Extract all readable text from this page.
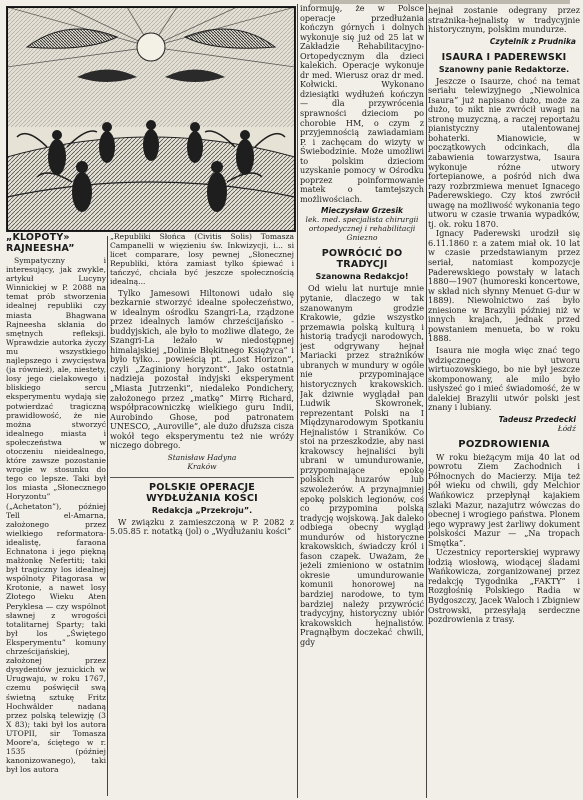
„KLOPOTY» RAJNEESHA”

Sympatyczny i interesujący, jak zwykle, artykuł Lucyny Winnickiej w P. 2088 na temat prób stworzenia idealnej republiki czy miasta Bhagwana Rajneesha skłania do smętnych refleksji. Wprawdzie autorka życzy mu wszystkiego najlepszego i zwycięstwa (ja również), ale, niestety, losy jego cielakowego i bliskiego sercu eksperymentu wydają się potwierdzać tragiczną prawidłowość, że nie można stworzyć idealnego miasta i społeczeństwa w otoczeniu nieidealnego, które zawsze pozostanie wrogie w stosunku do tego co lepsze. Taki był los miasta „Słonecznego Horyzontu” („Achetaton”), później Tell el-Amarna, założonego przez wielkiego reformatora-idealistę, faraona Echnatona i jego piękną małżonkę Nefertiti; taki był tragiczny los idealnej wspólnoty Pitagorasa w Krotonie, a nawet losy Złotego Wieku Aten Peryklesa — czy wspólnot sławnej z wrogości totalitarnej Sparty; taki był los „Świętego Eksperymentu” komuny chrześcijańskiej, założonej przez dysydentów jezuickich w Urugwaju, w roku 1767, czemu poświęcił swą świetną sztukę Fritz Hochwälder nadaną przez polską telewizję (3 X 83); taki był los autora UTOPII, sir Tomasza Moore'a, ściętego w r. 1535 (później kanonizowanego), taki był los autora

„Republiki Słońca (Civitis Solis) Tomasza Campanelli w więzieniu św. Inkwizycji, i... si licet comparare, losy pewnej „Słonecznej Republiki, która zamiast tylko śpiewać i tańczyć, chciała być jeszcze społecznością idealną...

Tylko Jamesowi Hiltonowi udało się bezkarnie stworzyć idealne społeczeństwo, w idealnym ośrodku Szangri-La, rządzone przez idealnych lamów chrześcijańsko - buddyjskich, ale było to możliwe dlatego, że Szangri-La leżało w niedostępnej himalajskiej „Dolinie Błękitnego Księżyca” i było tylko... powieścią pt. „Lost Horizon”, czyli „Zaginiony horyzont”. Jako ostatnia nadzieja pozostał indyjski eksperyment „Miasta Jutrzenki”, niedaleko Pondichery, założonego przez „matkę” Mirrę Richard, współpracowniczkę wielkiego guru Indii, Aurobindo Ghose, pod patronatem UNESCO, „Auroville”, ale dużo dłuższa cisza wokół tego eksperymentu też nie wróży niczego dobrego.

Stanisław Hadyna
Kraków
POLSKIE OPERACJE WYDŁUŻANIA KOŚCI
Redakcja „Przekroju”.

W związku z zamieszczoną w P. 2082 z 5.05.85 r. notatką (jol) o „Wydłużaniu kości”

informuję, że w Polsce operacje przedłużania kończyn górnych i dolnych wykonuje się już od 25 lat w Zakładzie Rehabilitacyjno-Ortopedycznym dla dzieci kalekich. Operacje wykonuje dr med. Wierusz oraz dr med. Kołwicki. Wykonano dziesiątki wydłużeń kończyn — dla przywrócenia sprawności dzieciom po chorobie HM, o czym z przyjemnością zawiadamiam P. i zachęcam do wizyty w Świebodzinie. Może umożliwi to polskim dzieciom uzyskanie pomocy w Ośrodku poprzez poinformowanie matek o tamtejszych możliwościach.

Mieczysław Grzesik
lek. med. specjalista chirurgii ortopedycznej i rehabilitacji Gniezno
POWRÓCIĆ DO TRADYCJI
Szanowna Redakcjo!

Od wielu lat nurtuje mnie pytanie, dlaczego w tak szanowanym grodzie Krakowie, gdzie wszystko przemawia polską kulturą i historią tradycji narodowych, jest odgrywany hejnał Mariacki przez strażników ubranych w mundury w ogóle nie przypominające historycznych krakowskich. Jak dziwnie wyglądał pan Ludwik Skowronek, reprezentant Polski na I Międzynarodowym Spotkaniu Hejnalistów i Straników. Co stoi na przeszkodzie, aby nasi krakowscy hejnaliści byli ubrani w umundurowanie, przypominające epokę polskich huzarów lub szwoleżerów. A przynajmniej epokę polskich legionów, coś co przypomina polską tradycję wojskową. Jak daleko odbiega obecny wygląd mundurów od historyczne krakowskich, świadczy król i fason czapek. Uważam, że jeżeli zmieniono w ostatnim okresie umundurowanie komunii honorowej na bardziej narodowe, to tym bardziej należy przywrócić tradycyjny, historyczny ubiór krakowskich hejnalistów. Pragnąłbym doczekać chwili, gdy

hejnał zostanie odegrany przez strażnika-hejnalistę w tradycyjnie historycznym, polskim mundurze.

Czytelnik z Prudnika
ISAURA I PADEREWSKI
Szanowny panie Redaktorze.

Jeszcze o Isaurze, choć na temat seriału telewizyjnego „Niewolnica Isaura” już napisano dużo, może za dużo, to nikt nie zwrócił uwagi na stronę muzyczną, a raczej reportażu pianistyczny utalentowanej bohaterki. Mianowicie, w początkowych odcinkach, dla zabawienia towarzystwa, Isaura wykonuje różne utwory fortepianowe, a pośród nich dwa razy rozbrzmiewa menuet Ignacego Paderewskiego. Czy ktoś zwrócił uwagę na możliwość wykonania tego utworu w czasie trwania wypadków, tj. ok. roku 1870.

Ignacy Paderewski urodził się 6.11.1860 r. a zatem miał ok. 10 lat w czasie przedstawianym przez seriał, natomiast kompozycje Paderewskiego powstały w latach 1880—1907 (humoreski koncertowe, w skład nich słynny Menuet G-dur w 1889). Niewolnictwo zaś było zniesione w Brazylii później niż w innych krajach, jednak przed powstaniem menueta, bo w roku 1888.

Isaura nie mogła więc znać tego wdzięcznego utworu wirtuozowskiego, bo nie był jeszcze skomponowany, ale milo było usłyszeć go i mieć świadomość, że w dalekiej Brazylii utwór polski jest znany i lubiany.

Tadeusz Przedecki
Łódź
POZDROWIENIA

W roku bieżącym mija 40 lat od powrotu Ziem Zachodnich i Północnych do Macierzy. Mija też pół wieku od chwili, gdy Melchior Wańkowicz przepłynął kajakiem szlaki Mazur, nazajutrz wówczas do obecnej i wrogiego państwa. Plonem jego wyprawy jest żarliwy dokument polskości Mazur — „Na tropach Smętka”.

Uczestnicy reporterskiej wyprawy łodzią wiosłową, wiodącej śladami Wańkowicza, zorganizowanej przez redakcję Tygodnika „FAKTY” i Rozgłośnię Polskiego Radia w Bydgoszczy, Jacek Waloch i Zbigniew Ostrowski, przesyłają serdeczne pozdrowienia z trasy.
